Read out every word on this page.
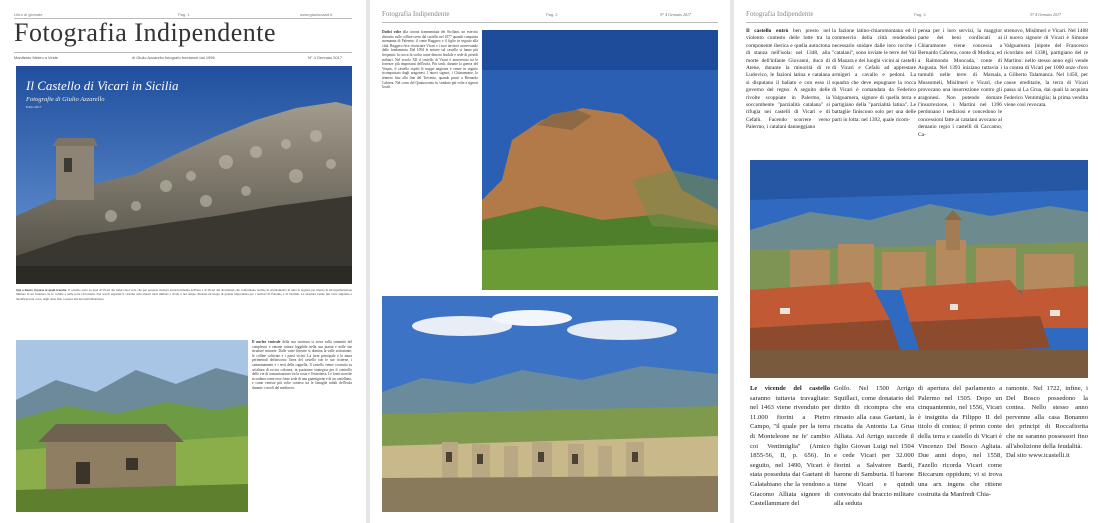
Libro di giornale	Pag. 1	www.gianlucaart.it
Fotografia Indipendente
Manifesto Meteo a Veste	di Giulio Azzarello fotografo freelance dal 1996	N° 4 Gennaio 2017
Il Castello di Vicari in Sicilia
Fotografie di Giulio Azzarello
Edito 2017
Qui a fianco il paese ai quali tramite. Il castello sorto su quel di Vicari dai ruderi suoi voli, che pur possono ritenere autorevolmente dell'aria e di Vicari dei documenti che confermano notizie di orientamento in tutta la regione per mezzo di un'organizzazione militare in un frontiere tra le colline e nelle terre circostanti. Nei secoli seguenti il castello subì alterni ruoli militari e civili, e nel tempo divenne un luogo di grande importanza per i territori di Palermo e di Termini. La struttura venne più volte ampliata e modificata nel corso degli anni, fino a essere lasciata nell'abbandono.
Il nucleo centrale della sua struttura si trova sulla sommità del complesso e rimane tuttora leggibile nella sua pianta e nelle sue strutture murarie. Dalle vaste finestre si domina la valle sottostante, le colline coltivate e i paesi vicini. La torre principale e le mura perimetrali definiscono l'area del castello con le sue cisterne, i camminamenti e i resti della cappella. Il castello venne costruito su un'altura di roccia calcarea, in posizione strategica per il controllo delle vie di comunicazione tra la costa e l'entroterra. Le fonti storiche ricordano come esso fosse sede di una guarnigione e di un castellano, e come venisse più volte conteso tra le famiglie nobili dell'isola durante i secoli del medioevo.
Fotografia Indipendente	Pag. 2	N° 4 Gennaio 2017
Dodici volte alla corona frammentata dei Siciliani, un esercito distrutto sulle colline scese dal castello nel 1077 quando conquista normanna di Palermo, il conte Ruggero e il figlio in seguito alla città. Ruggero fece ricostruire Vicari e i suoi territori conservando dalle fondamenta. Dal 1094 le notizie sul castello si fanno più frequenti: la rocca fu scelta come dimora feudale e sede di presidi militari. Nel secolo XII il castello di Vicari è annoverato tra le fortezze più importanti dell'isola. Più tardi, durante la guerra del Vespro, il castello ospitò le truppe angioine e venne in seguito riconquistato dagli aragonesi. I nuovi signori, i Chiaramonte, lo tennero fino alla fine del Trecento, quando passò a Bernardo Cabrera. Nel corso del Quattrocento fu venduto più volte a signori locali.
Fotografia Indipendente	Pag. 3	N° 4 Gennaio 2017
Il castello entrò ben presto nel violento contesto delle lotte tra la componente iberica e quella autoctona di stanza nell'isola: nel 1348, alla morte dell'infante Giovanni, duca di Atene, durante la minorità di re Ludovico, le fazioni latina e catalana si disputano il baliato e con esso il governo del regno. A seguito delle rivolte scoppiate in Palermo, la soccombente "parzialità catalana" si rifugia nei castelli di Vicari e di Cefalù. Facendo scorrere verso Palermo, i catalani danneggiano
la fazione latino-chiaromontana ed il commercio della città rendendosi necessario snidare dalle loro rocche i "catalani", sono inviate le terre del Val di Mazara e dei luoghi vicini ai castelli di Vicari e Cefalù ad apprestare armigeri a cavallo e pedoni. La squadra che deve espugnare la rocca di Vicari è comandata da Federico Valguarnera, signore di quella terra e partigiano della "parzialità latina". Le battaglie finiscono solo per una delle parti in lotta: nel 1392, quale ricom-
pensa per i loro servizi, la maggior parte dei beni confiscati ai Chiaramonte viene concessa a Bernardo Cabrera, conte di Modica, ed a Raimondo Moncada, conte di Augusta. Nel 1393 iniziano tuttavia i tumulti nelle terre di Marsala, Mussomeli, Misilmeri e Vicari, che provocano una insurrezione contro gli aragonesi. Non potendo domare l'insurrezione, i Martini nel 1396 perdonano i sediziosi e concedono le concessioni fatte ai catalani avocano al demanio regio i castelli di Caccamo, Ca-
strenovo, Misilmeri e Vicari. Nel 1408 il nuovo signore di Vicari è Simone Valguarnera [nipote del Francesco ricordato nel 1338], partigiano del re Martino: nello stesso anno egli vende la contea di Vicari per 1000 onze d'oro a Gilberto Talamanca. Nel 1450, per cause ereditarie, la terra di Vicari passa ai La Grua, dai quali la acquista Federico Ventimiglia; la prima vendita viene così revocata.
Le vicende del castello saranno tuttavia travagliate: nel 1463 viene rivenduto per 11.000 fiorini a Pietro Campo, "il quale per la terra di Monteleone ne fe' cambio coi Ventimiglia" (Amico 1855-56, II, p. 656). In seguito, nel 1490, Vicari è stata posseduta dai Gaetani di Calatabiano che la vendono a Giacomo Alliata signore di Castellammare del
Golfo. Nel 1500 Arrigo Squillaci, come donatario del diritto di ricompra che era rimasto alla casa Gaetani, la riscatta da Antonia La Grua Alliata. Ad Arrigo succede il figlio Giovan Luigi nel 1504 e cede Vicari per 32.000 fiorini a Salvatore Bardi, barone di Samburia. Il barone tiene Vicari e quindi convocato dal braccio militare alla seduta
di apertura del parlamento a Palermo nel 1505. Dopo un cinquantennio, nel 1556, Vicari è insignita da Filippo II del titolo di contea; il primo conte della terra e castello di Vicari è Vincenzo Del Bosco Agliata. Due anni dopo, nel 1558, Fazello ricorda Vicari come Biccarum oppidum; vi si trova una arx ingens che ritiene costruita da Manfredi Chia-
ramonte. Nel 1722, infine, i Del Bosco possedono la contea. Nello stesso anno pervenne alla casa Bonanno dei principi di Roccafiorita che ne saranno possessori fino all'abolizione della feudalità.
Dal sito www.icastelli.it
